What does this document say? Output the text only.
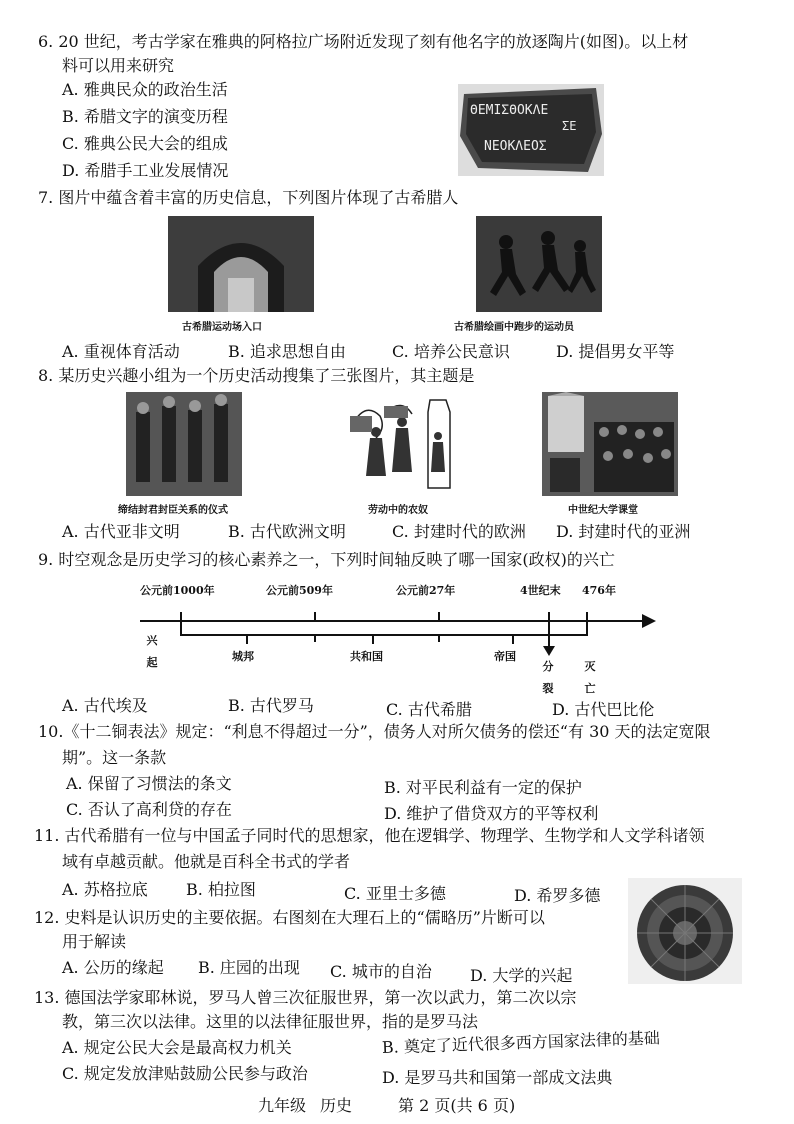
6. 20 世纪，考古学家在雅典的阿格拉广场附近发现了刻有他名字的放逐陶片(如图)。以上材
料可以用来研究
A. 雅典民众的政治生活
B. 希腊文字的演变历程
C. 雅典公民大会的组成
D. 希腊手工业发展情况
ΘEMIΣΘOKΛE
ΣE
NEOKΛEOΣ
7. 图片中蕴含着丰富的历史信息，下列图片体现了古希腊人
古希腊运动场入口	古希腊绘画中跑步的运动员
A. 重视体育活动	B. 追求思想自由	C. 培养公民意识	D. 提倡男女平等
8. 某历史兴趣小组为一个历史活动搜集了三张图片，其主题是
缔结封君封臣关系的仪式	劳动中的农奴	中世纪大学课堂
A. 古代亚非文明	B. 古代欧洲文明	C. 封建时代的欧洲 D. 封建时代的亚洲
9. 时空观念是历史学习的核心素养之一，下列时间轴反映了哪一国家(政权)的兴亡
公元前1000年	公元前509年	公元前27年	4世纪末 476年
兴起	城邦	共和国	帝国
分裂
灭亡
A. 古代埃及	B. 古代罗马	C. 古代希腊	D. 古代巴比伦
10.《十二铜表法》规定：“利息不得超过一分”，债务人对所欠债务的偿还“有 30 天的法定宽限
期”。这一条款
A. 保留了习惯法的条文	B. 对平民利益有一定的保护
C. 否认了高利贷的存在	D. 维护了借贷双方的平等权利
11. 古代希腊有一位与中国孟子同时代的思想家，他在逻辑学、物理学、生物学和人文学科诸领
域有卓越贡献。他就是百科全书式的学者
A. 苏格拉底 B. 柏拉图	C. 亚里士多德	D. 希罗多德
12. 史料是认识历史的主要依据。右图刻在大理石上的“儒略历”片断可以
用于解读
A. 公历的缘起 B. 庄园的出现 C. 城市的自治 D. 大学的兴起
13. 德国法学家耶林说，罗马人曾三次征服世界，第一次以武力，第二次以宗
教，第三次以法律。这里的以法律征服世界，指的是罗马法
A. 规定公民大会是最高权力机关	B. 奠定了近代很多西方国家法律的基础
C. 规定发放津贴鼓励公民参与政治	D. 是罗马共和国第一部成文法典
九年级 历史	第 2 页(共 6 页)
